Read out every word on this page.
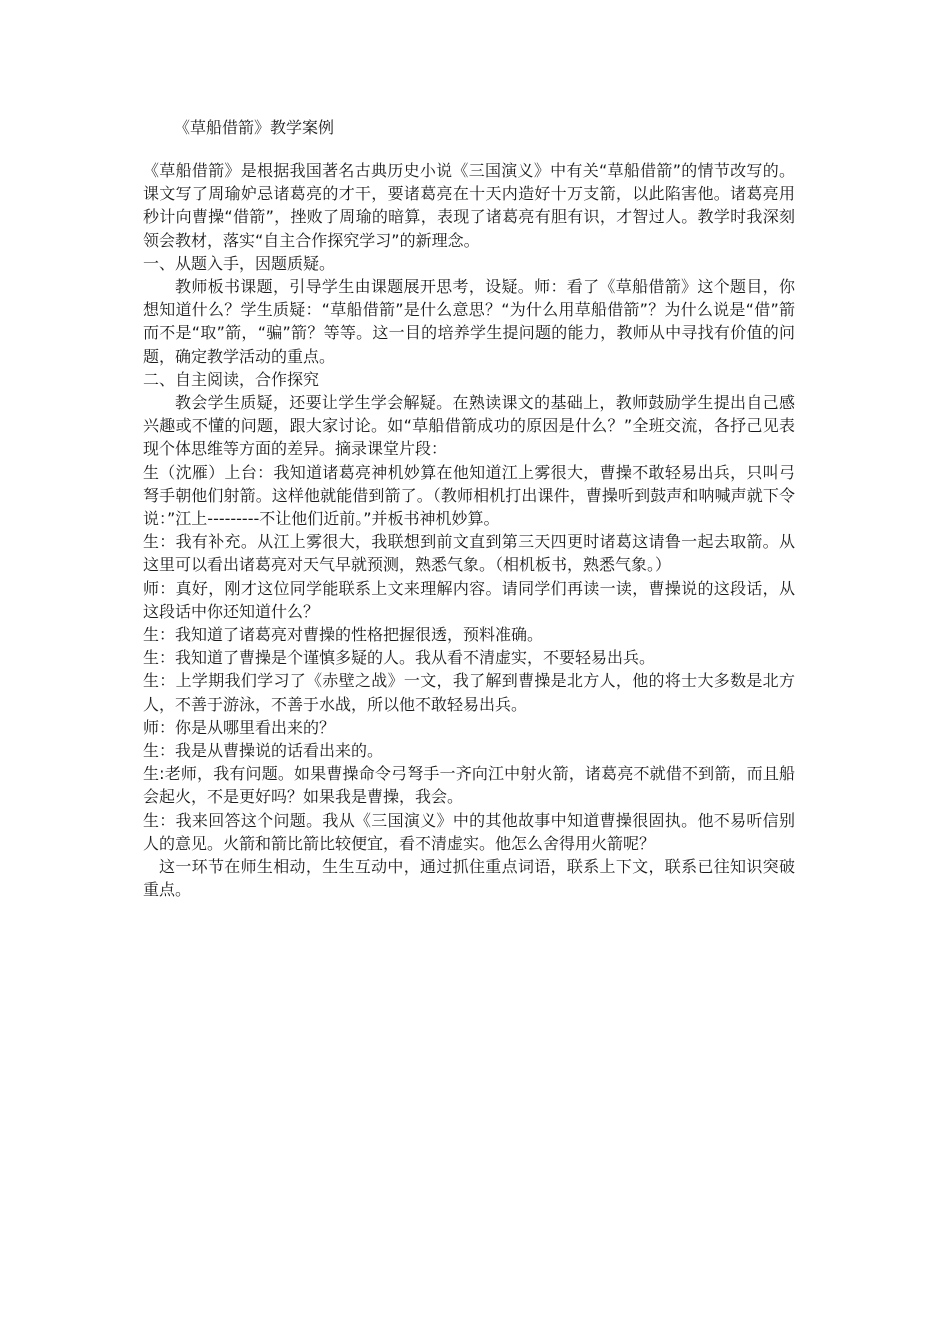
《草船借箭》教学案例

《草船借箭》是根据我国著名古典历史小说《三国演义》中有关“草船借箭”的情节改写的。课文写了周瑜妒忌诸葛亮的才干，要诸葛亮在十天内造好十万支箭，以此陷害他。诸葛亮用秒计向曹操“借箭”，挫败了周瑜的暗算，表现了诸葛亮有胆有识，才智过人。教学时我深刻领会教材，落实“自主合作探究学习”的新理念。

一、从题入手，因题质疑。

教师板书课题，引导学生由课题展开思考，设疑。师：看了《草船借箭》这个题目，你想知道什么？学生质疑：“草船借箭”是什么意思？“为什么用草船借箭”？为什么说是“借”箭而不是“取”箭，“骗”箭？等等。这一目的培养学生提问题的能力，教师从中寻找有价值的问题，确定教学活动的重点。

二、自主阅读，合作探究

教会学生质疑，还要让学生学会解疑。在熟读课文的基础上，教师鼓励学生提出自己感兴趣或不懂的问题，跟大家讨论。如“草船借箭成功的原因是什么？”全班交流，各抒己见表现个体思维等方面的差异。摘录课堂片段：

生（沈雁）上台：我知道诸葛亮神机妙算在他知道江上雾很大，曹操不敢轻易出兵，只叫弓弩手朝他们射箭。这样他就能借到箭了。（教师相机打出课件，曹操听到鼓声和呐喊声就下令说：”江上---------不让他们近前。”并板书神机妙算。

生：我有补充。从江上雾很大，我联想到前文直到第三天四更时诸葛这请鲁一起去取箭。从这里可以看出诸葛亮对天气早就预测，熟悉气象。（相机板书，熟悉气象。）

师：真好，刚才这位同学能联系上文来理解内容。请同学们再读一读，曹操说的这段话，从这段话中你还知道什么？

生：我知道了诸葛亮对曹操的性格把握很透，预料准确。

生：我知道了曹操是个谨慎多疑的人。我从看不清虚实，不要轻易出兵。

生：上学期我们学习了《赤壁之战》一文，我了解到曹操是北方人，他的将士大多数是北方人，不善于游泳，不善于水战，所以他不敢轻易出兵。

师：你是从哪里看出来的？

生：我是从曹操说的话看出来的。

生:老师，我有问题。如果曹操命令弓弩手一齐向江中射火箭，诸葛亮不就借不到箭，而且船会起火，不是更好吗？如果我是曹操，我会。

生：我来回答这个问题。我从《三国演义》中的其他故事中知道曹操很固执。他不易听信别人的意见。火箭和箭比箭比较便宜，看不清虚实。他怎么舍得用火箭呢？

这一环节在师生相动，生生互动中，通过抓住重点词语，联系上下文，联系已往知识突破重点。
